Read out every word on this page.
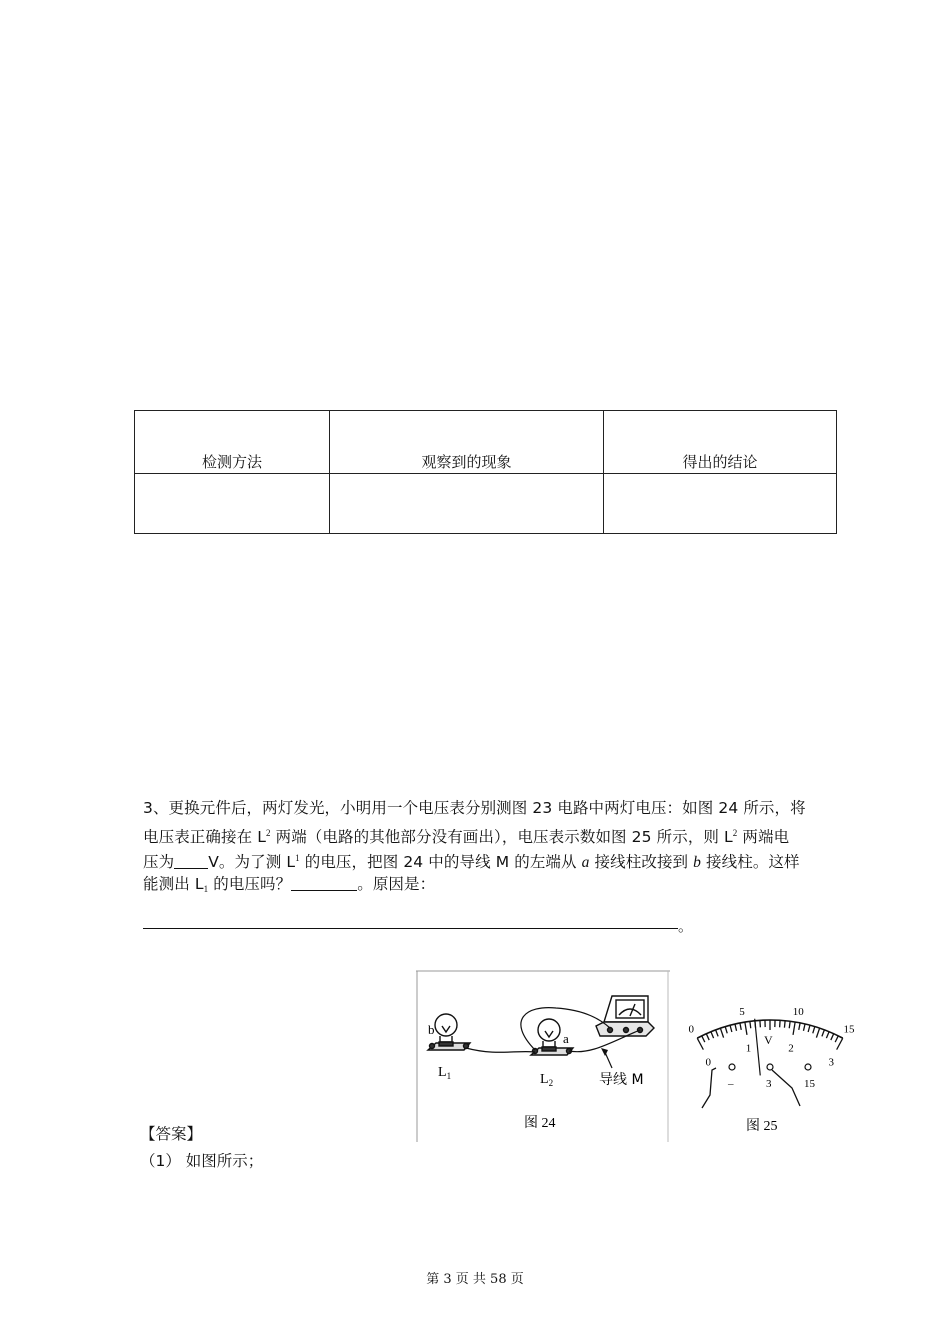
检测方法	观察到的现象	得出的结论

3、更换元件后，两灯发光，小明用一个电压表分别测图 23 电路中两灯电压：如图 24 所示，将
电压表正确接在 $L^2$ 两端（电路的其他部分没有画出），电压表示数如图 25 所示，则 $L^2$ 两端电
压为 V。为了测 $L^1$ 的电压，把图 24 中的导线 M 的左端从 a 接线柱改接到 b 接线柱。这样
能测出 $L_1$ 的电压吗？	。原因是：
。
b
a
$L_1$	$L_2$	导线 M
图 24
0
5	10
15
0
1	2
3
V
–	3	15
图 25
【答案】
（1） 如图所示；
第 3 页 共 58 页
